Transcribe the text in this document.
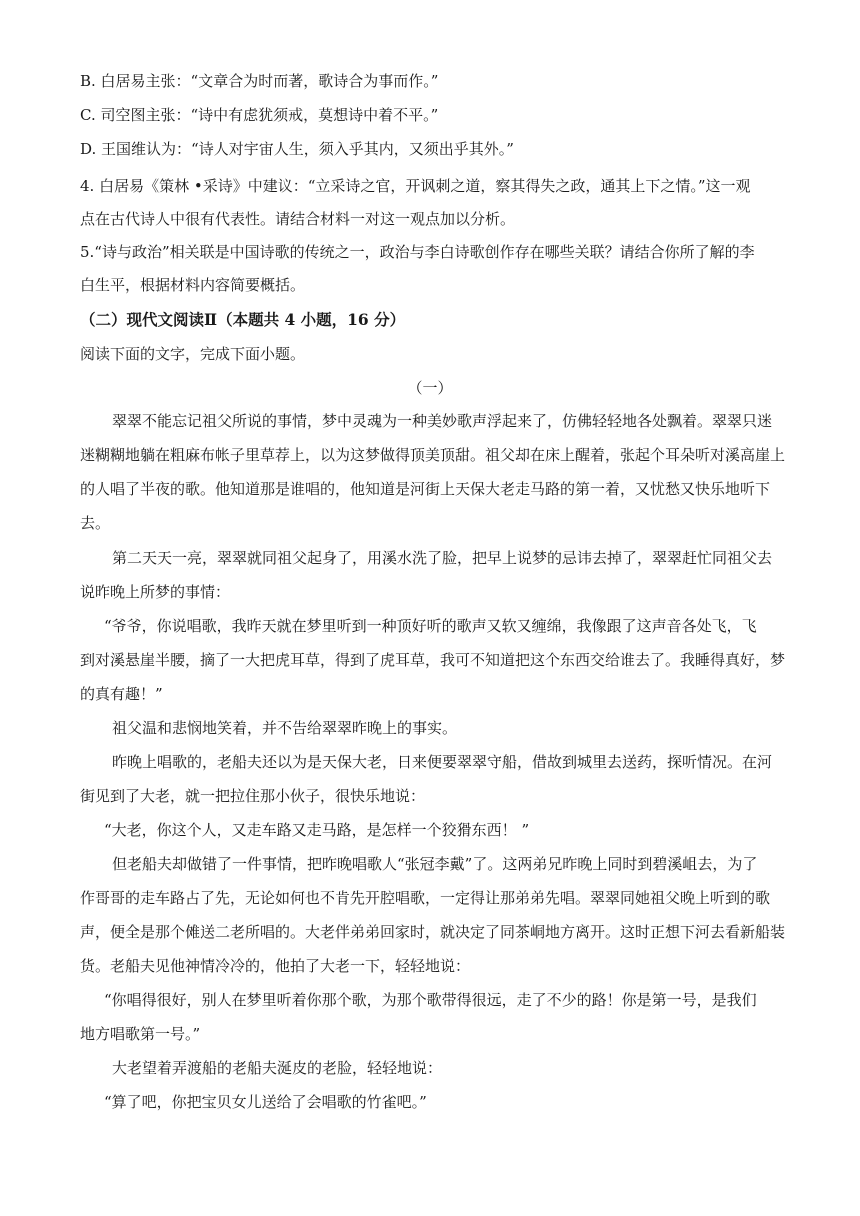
B. 白居易主张：“文章合为时而著，歌诗合为事而作。”
C. 司空图主张：“诗中有虑犹须戒，莫想诗中着不平。”
D. 王国维认为：“诗人对宇宙人生，须入乎其内，又须出乎其外。”
4. 白居易《策林 •采诗》中建议：“立采诗之官，开讽刺之道，察其得失之政，通其上下之情。”这一观
点在古代诗人中很有代表性。请结合材料一对这一观点加以分析。
5.“诗与政治”相关联是中国诗歌的传统之一，政治与李白诗歌创作存在哪些关联？请结合你所了解的李
白生平，根据材料内容简要概括。
（二）现代文阅读Ⅱ（本题共 4 小题，16 分）
阅读下面的文字，完成下面小题。
（一）
翠翠不能忘记祖父所说的事情，梦中灵魂为一种美妙歌声浮起来了，仿佛轻轻地各处飘着。翠翠只迷
迷糊糊地躺在粗麻布帐子里草荐上，以为这梦做得顶美顶甜。祖父却在床上醒着，张起个耳朵听对溪高崖上
的人唱了半夜的歌。他知道那是谁唱的，他知道是河街上天保大老走马路的第一着，又忧愁又快乐地听下
去。
第二天天一亮，翠翠就同祖父起身了，用溪水洗了脸，把早上说梦的忌讳去掉了，翠翠赶忙同祖父去
说昨晚上所梦的事情：
“爷爷，你说唱歌，我昨天就在梦里听到一种顶好听的歌声又软又缠绵，我像跟了这声音各处飞，飞
到对溪悬崖半腰，摘了一大把虎耳草，得到了虎耳草，我可不知道把这个东西交给谁去了。我睡得真好，梦
的真有趣！”
祖父温和悲悯地笑着，并不告给翠翠昨晚上的事实。
昨晚上唱歌的，老船夫还以为是天保大老，日来便要翠翠守船，借故到城里去送药，探听情况。在河
街见到了大老，就一把拉住那小伙子，很快乐地说：
“大老，你这个人，又走车路又走马路，是怎样一个狡猾东西！ ”
但老船夫却做错了一件事情，把昨晚唱歌人“张冠李戴”了。这两弟兄昨晚上同时到碧溪岨去，为了
作哥哥的走车路占了先，无论如何也不肯先开腔唱歌，一定得让那弟弟先唱。翠翠同她祖父晚上听到的歌
声，便全是那个傩送二老所唱的。大老伴弟弟回家时，就决定了同茶峒地方离开。这时正想下河去看新船装
货。老船夫见他神情冷冷的，他拍了大老一下，轻轻地说：
“你唱得很好，别人在梦里听着你那个歌，为那个歌带得很远，走了不少的路！你是第一号，是我们
地方唱歌第一号。”
大老望着弄渡船的老船夫涎皮的老脸，轻轻地说：
“算了吧，你把宝贝女儿送给了会唱歌的竹雀吧。”
